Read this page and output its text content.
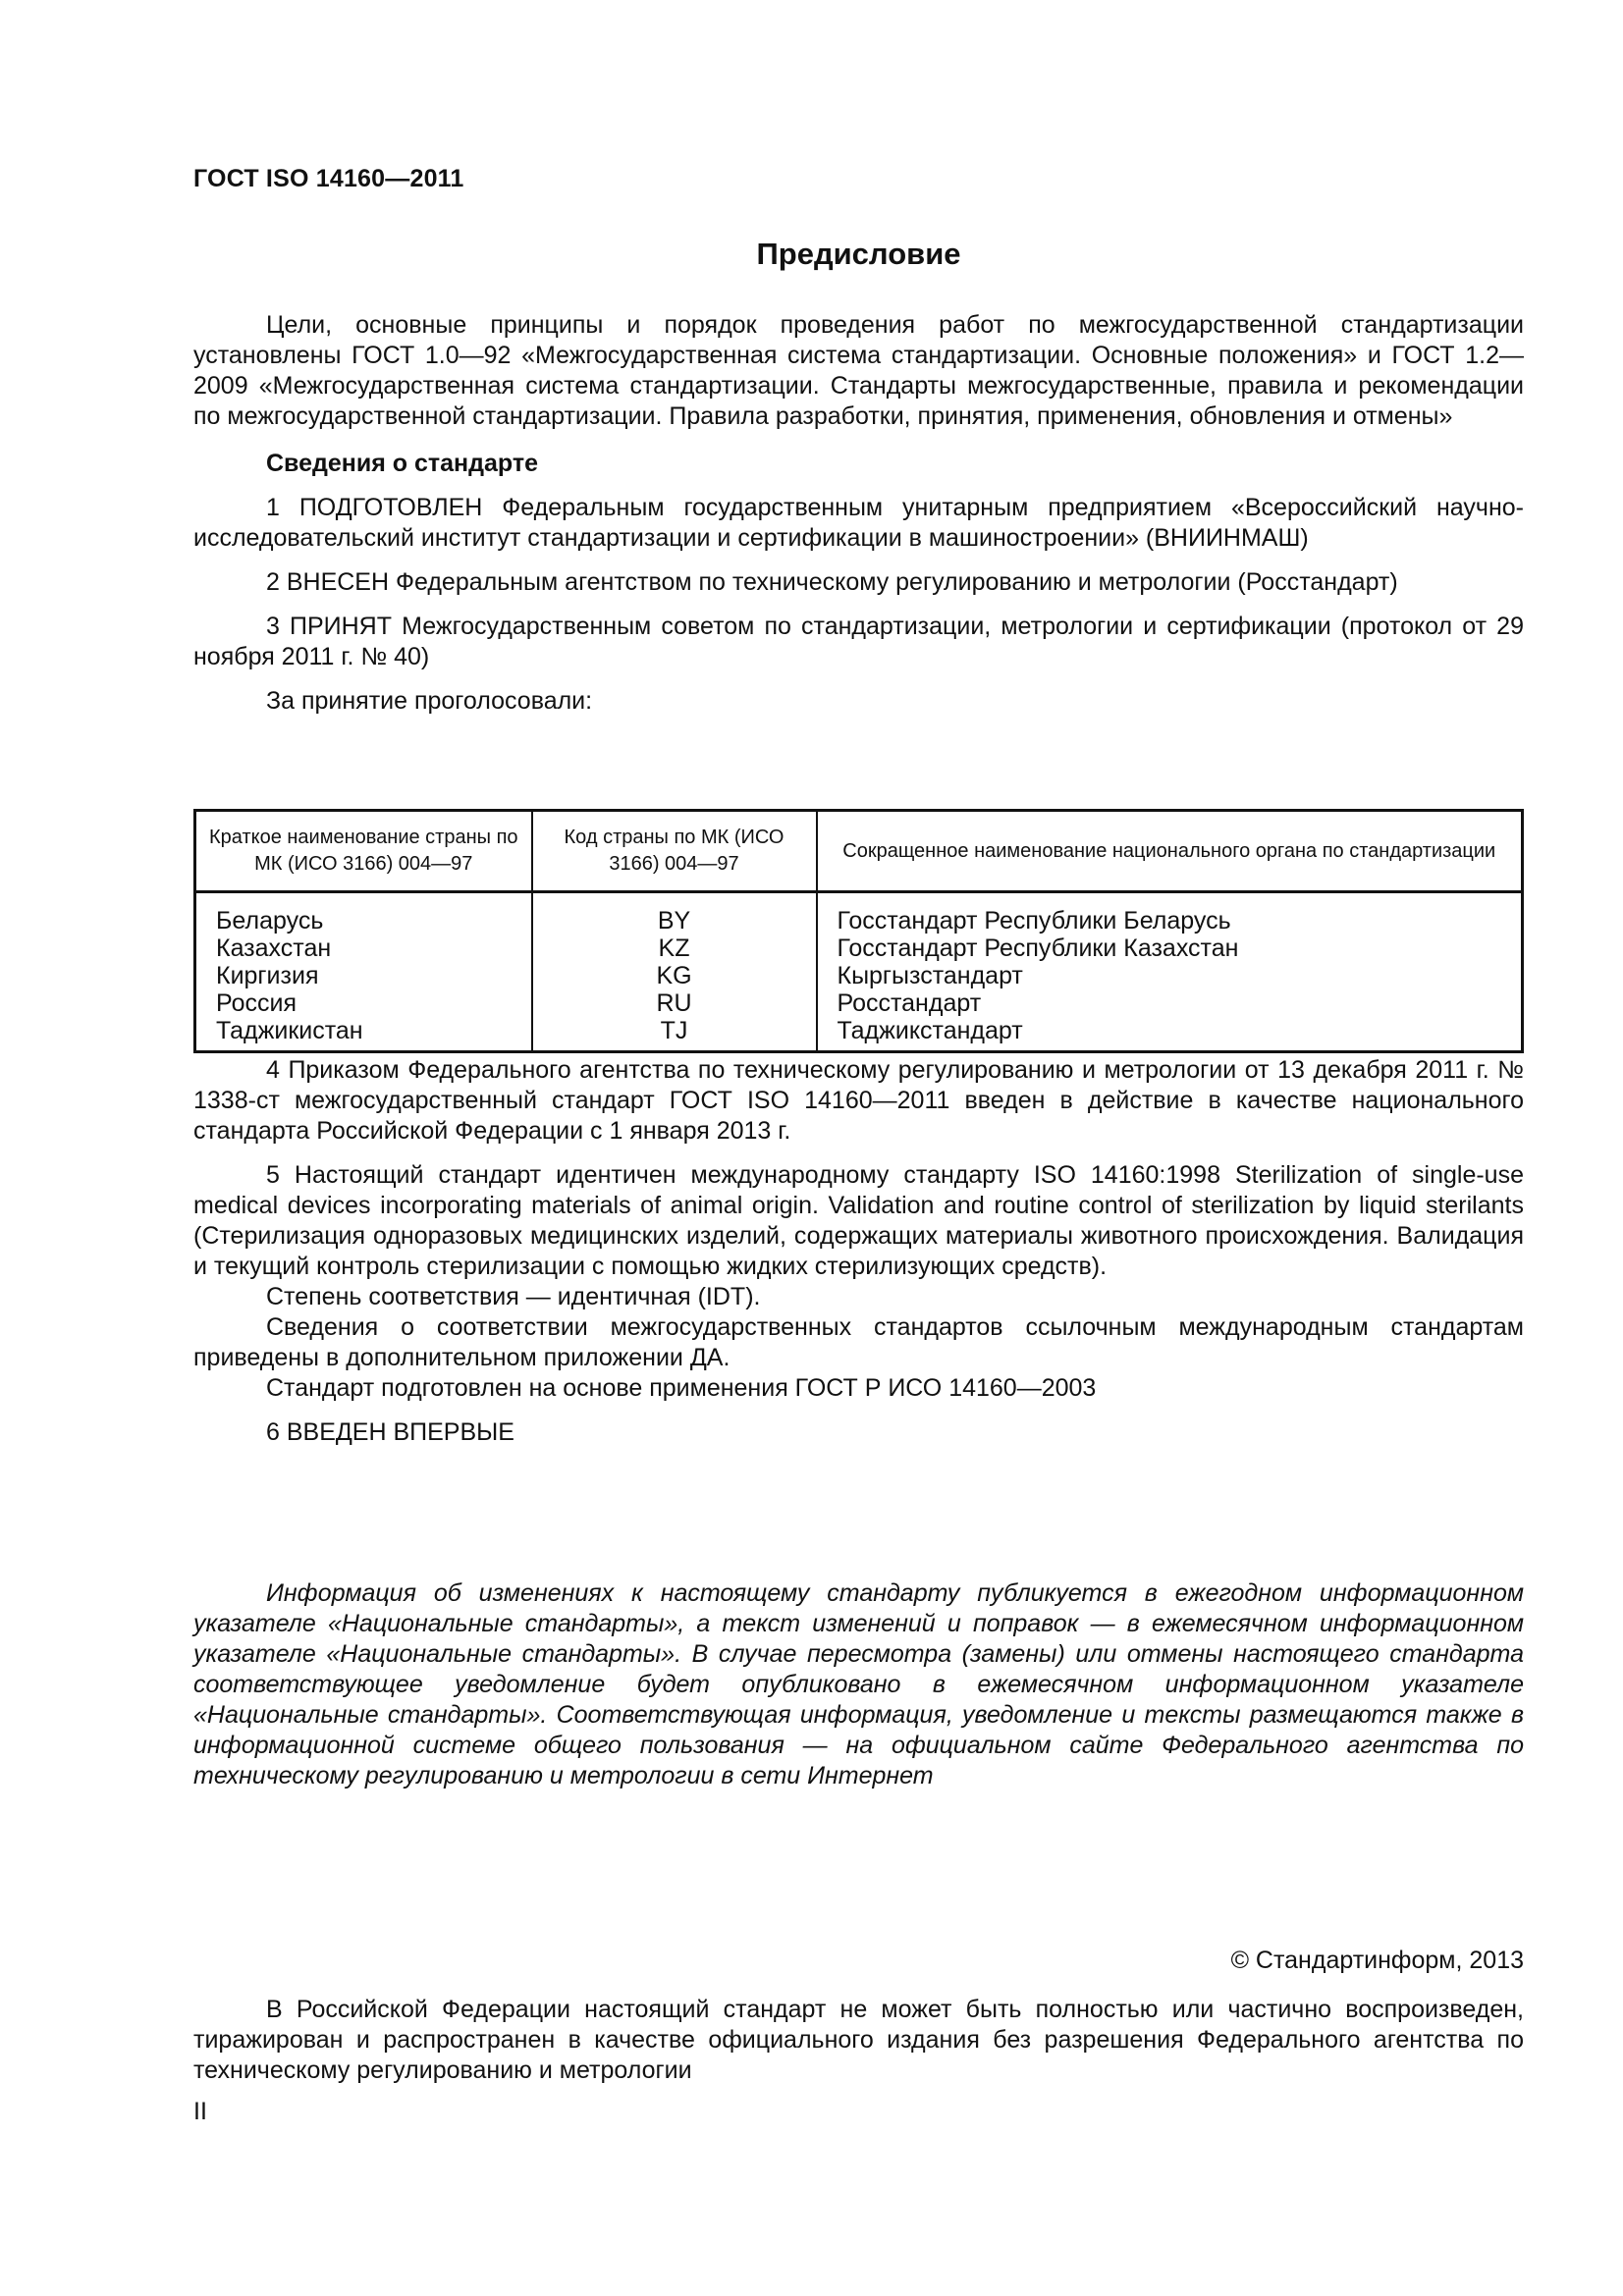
ГОСТ ISO 14160—2011
Предисловие

Цели, основные принципы и порядок проведения работ по межгосударственной стандартизации установлены ГОСТ 1.0—92 «Межгосударственная система стандартизации. Основные положения» и ГОСТ 1.2—2009 «Межгосударственная система стандартизации. Стандарты межгосударственные, правила и рекомендации по межгосударственной стандартизации. Правила разработки, принятия, применения, обновления и отмены»

Сведения о стандарте

1 ПОДГОТОВЛЕН Федеральным государственным унитарным предприятием «Всероссийский научно-исследовательский институт стандартизации и сертификации в машиностроении» (ВНИИНМАШ)

2 ВНЕСЕН Федеральным агентством по техническому регулированию и метрологии (Росстандарт)

3 ПРИНЯТ Межгосударственным советом по стандартизации, метрологии и сертификации (протокол от 29 ноября 2011 г. № 40)

За принятие проголосовали:

Краткое наименование страны по МК (ИСО 3166) 004—97	Код страны по МК (ИСО 3166) 004—97	Сокращенное наименование национального органа по стандартизации
Беларусь	BY	Госстандарт Республики Беларусь
Казахстан	KZ	Госстандарт Республики Казахстан
Киргизия	KG	Кыргызстандарт
Россия	RU	Росстандарт
Таджикистан	TJ	Таджикстандарт

4 Приказом Федерального агентства по техническому регулированию и метрологии от 13 декабря 2011 г. № 1338-ст межгосударственный стандарт ГОСТ ISO 14160—2011 введен в действие в качестве национального стандарта Российской Федерации с 1 января 2013 г.

5 Настоящий стандарт идентичен международному стандарту ISO 14160:1998 Sterilization of single-use medical devices incorporating materials of animal origin. Validation and routine control of sterilization by liquid sterilants (Стерилизация одноразовых медицинских изделий, содержащих материалы животного происхождения. Валидация и текущий контроль стерилизации с помощью жидких стерилизующих средств).

Степень соответствия — идентичная (IDT).

Сведения о соответствии межгосударственных стандартов ссылочным международным стандартам приведены в дополнительном приложении ДА.

Стандарт подготовлен на основе применения ГОСТ Р ИСО 14160—2003

6 ВВЕДЕН ВПЕРВЫЕ

Информация об изменениях к настоящему стандарту публикуется в ежегодном информационном указателе «Национальные стандарты», а текст изменений и поправок — в ежемесячном информационном указателе «Национальные стандарты». В случае пересмотра (замены) или отмены настоящего стандарта соответствующее уведомление будет опубликовано в ежемесячном информационном указателе «Национальные стандарты». Соответствующая информация, уведомление и тексты размещаются также в информационной системе общего пользования — на официальном сайте Федерального агентства по техническому регулированию и метрологии в сети Интернет

© Стандартинформ, 2013

В Российской Федерации настоящий стандарт не может быть полностью или частично воспроизведен, тиражирован и распространен в качестве официального издания без разрешения Федерального агентства по техническому регулированию и метрологии

II
